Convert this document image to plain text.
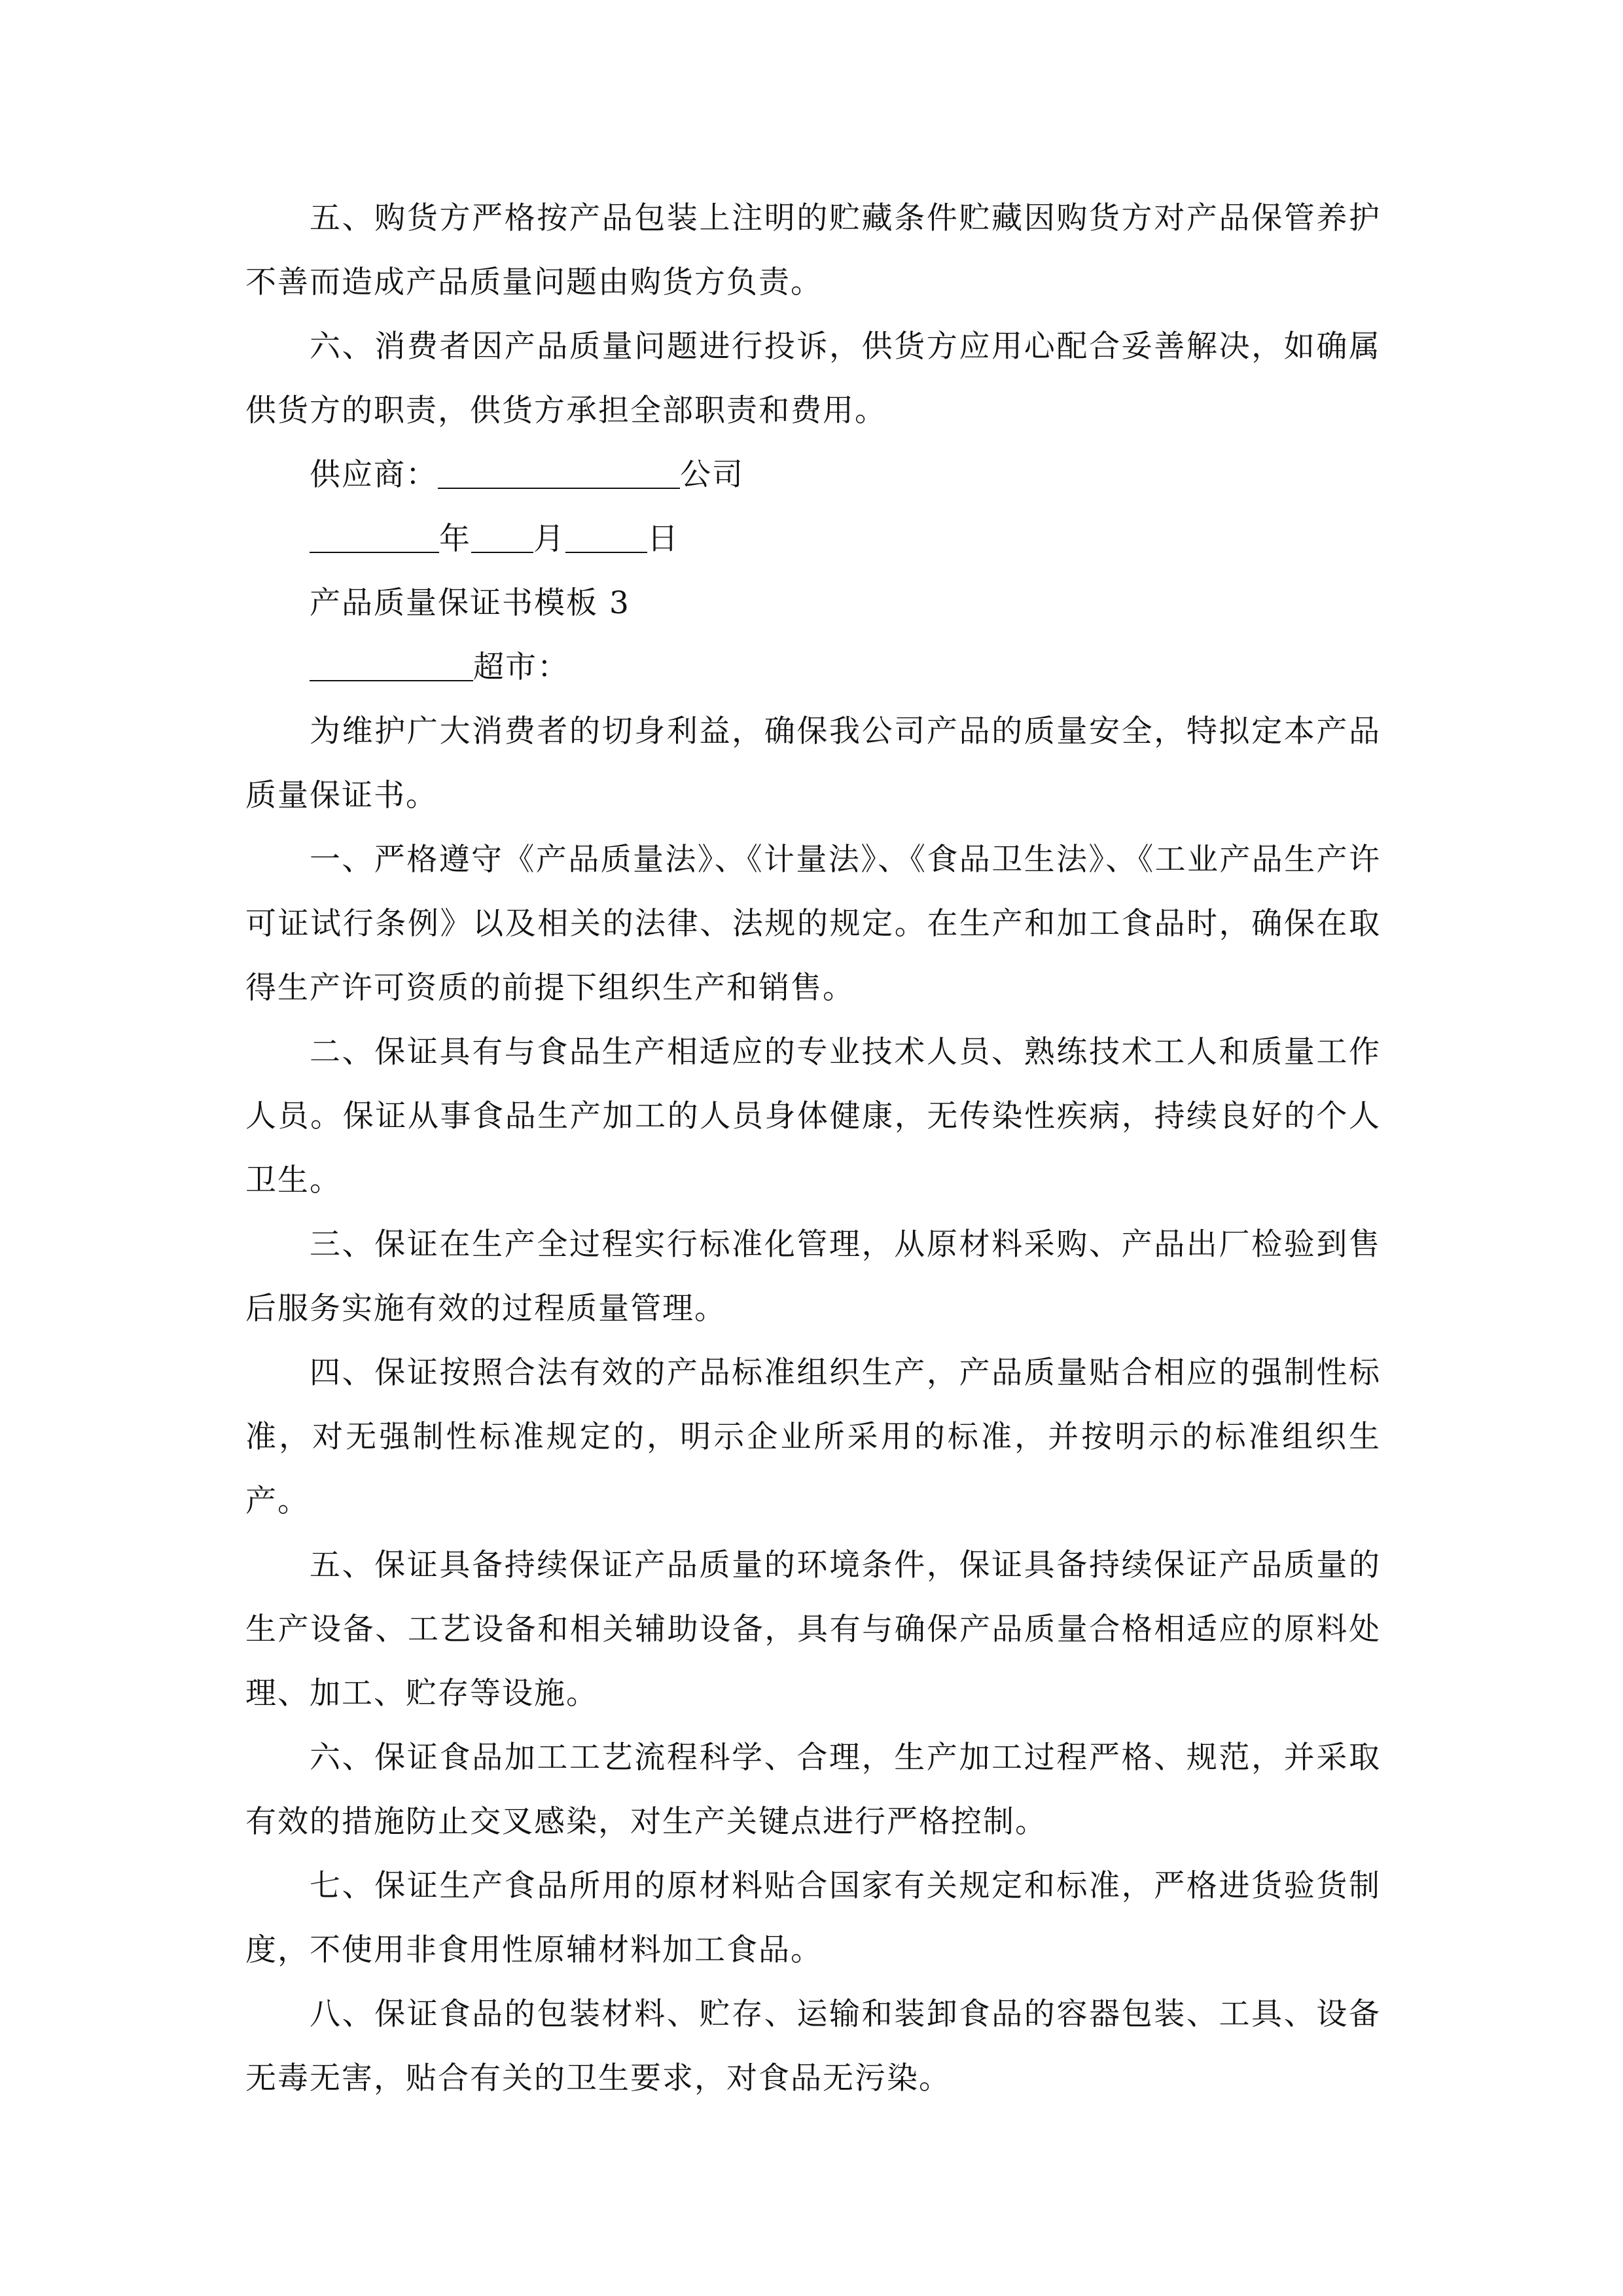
五、购货方严格按产品包装上注明的贮藏条件贮藏因购货方对产品保管养护不善而造成产品质量问题由购货方负责。

六、消费者因产品质量问题进行投诉，供货方应用心配合妥善解决，如确属供货方的职责，供货方承担全部职责和费用。

供应商：	公司

年 月	日

产品质量保证书模板 3

超市：

为维护广大消费者的切身利益，确保我公司产品的质量安全，特拟定本产品质量保证书。

一、严格遵守《产品质量法》、《计量法》、《食品卫生法》、《工业产品生产许可证试行条例》以及相关的法律、法规的规定。在生产和加工食品时，确保在取得生产许可资质的前提下组织生产和销售。

二、保证具有与食品生产相适应的专业技术人员、熟练技术工人和质量工作人员。保证从事食品生产加工的人员身体健康，无传染性疾病，持续良好的个人卫生。

三、保证在生产全过程实行标准化管理，从原材料采购、产品出厂检验到售后服务实施有效的过程质量管理。

四、保证按照合法有效的产品标准组织生产，产品质量贴合相应的强制性标准，对无强制性标准规定的，明示企业所采用的标准，并按明示的标准组织生产。

五、保证具备持续保证产品质量的环境条件，保证具备持续保证产品质量的生产设备、工艺设备和相关辅助设备，具有与确保产品质量合格相适应的原料处理、加工、贮存等设施。

六、保证食品加工工艺流程科学、合理，生产加工过程严格、规范，并采取有效的措施防止交叉感染，对生产关键点进行严格控制。

七、保证生产食品所用的原材料贴合国家有关规定和标准，严格进货验货制度，不使用非食用性原辅材料加工食品。

八、保证食品的包装材料、贮存、运输和装卸食品的容器包装、工具、设备无毒无害，贴合有关的卫生要求，对食品无污染。
